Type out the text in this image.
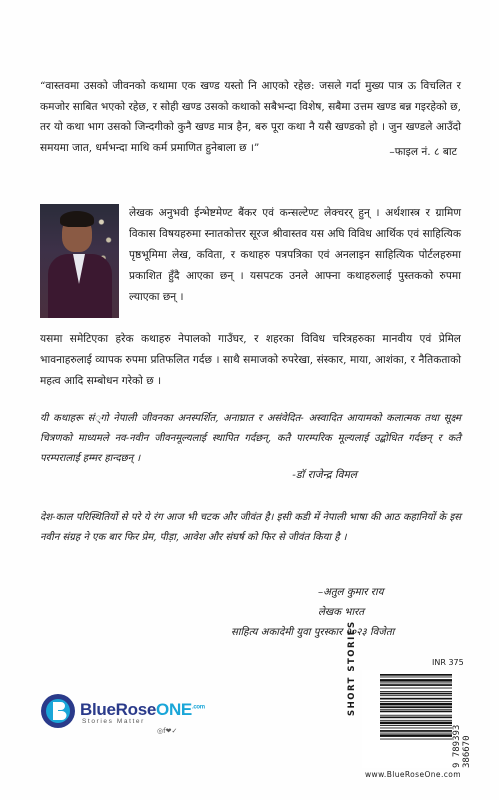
“वास्तवमा उसको जीवनको कथामा एक खण्ड यस्तो नि आएको रहेछ: जसले गर्दा मुख्य पात्र ऊ विचलित र कमजोर साबित भएको रहेछ, र सोही खण्ड उसको कथाको सबैभन्दा विशेष, सबैमा उत्तम खण्ड बन्न गइरहेको छ, तर यो कथा भाग उसको जिन्दगीको कुनै खण्ड मात्र हैन, बरु पूरा कथा नै यसै खण्डको हो । जुन खण्डले आउँदो समयमा जात, धर्मभन्दा माथि कर्म प्रमाणित हुनेबाला छ ।”	–फाइल नं. ८ बाट
लेखक अनुभवी ईन्भेष्टमेण्ट बैंकर एवं कन्सल्टेण्ट लेक्चरर् हुन् । अर्थशास्त्र र ग्रामिण विकास विषयहरुमा स्नातकोत्तर सूरज श्रीवास्तव यस अघि विविध आर्थिक एवं साहित्यिक पृष्ठभूमिमा लेख, कविता, र कथाहरु पत्रपत्रिका एवं अनलाइन साहित्यिक पोर्टलहरुमा प्रकाशित हुँदै आएका छन् । यसपटक उनले आफ्ना कथाहरुलाई पुस्तकको रुपमा ल्याएका छन् ।
यसमा समेटिएका हरेक कथाहरु नेपालको गाउँघर, र शहरका विविध चरित्रहरुका मानवीय एवं प्रेमिल भावनाहरुलाई व्यापक रुपमा प्रतिफलित गर्दछ । साथै समाजको रुपरेखा, संस्कार, माया, आशंका, र नैतिकताको महत्व आदि सम्बोधन गरेको छ ।
यी कथाहरू सं्गो नेपाली जीवनका अनस्पर्शित, अनाघ्रात र असंवेदित- अस्वादित आयामको कलात्मक तथा सूक्ष्म चित्रणको माध्यमले नव-नवीन जीवनमूल्यलाई स्थापित गर्दछन्, कतै पारम्परिक मूल्यलाई उद्बोधित गर्दछन् र कतै परम्परालाई हम्मर हान्दछन् ।
-डॉ राजेन्द्र विमल
देश-काल परिस्थितियों से परे ये रंग आज भी चटक और जीवंत है। इसी कडी में नेपाली भाषा की आठ कहानियों के इस नवीन संग्रह ने एक बार फिर प्रेम, पीड़ा, आवेश और संघर्ष को फिर से जीवंत किया है ।
–अतुल कुमार राय
लेखक भारत
साहित्य अकादेमी युवा पुरस्कार २०२३ विजेता
BlueRoseONE$^{.com}$
Stories Matter
◎f❤✓
SHORT STORIES	INR 375
9 789393 386670
www.BlueRoseOne.com
